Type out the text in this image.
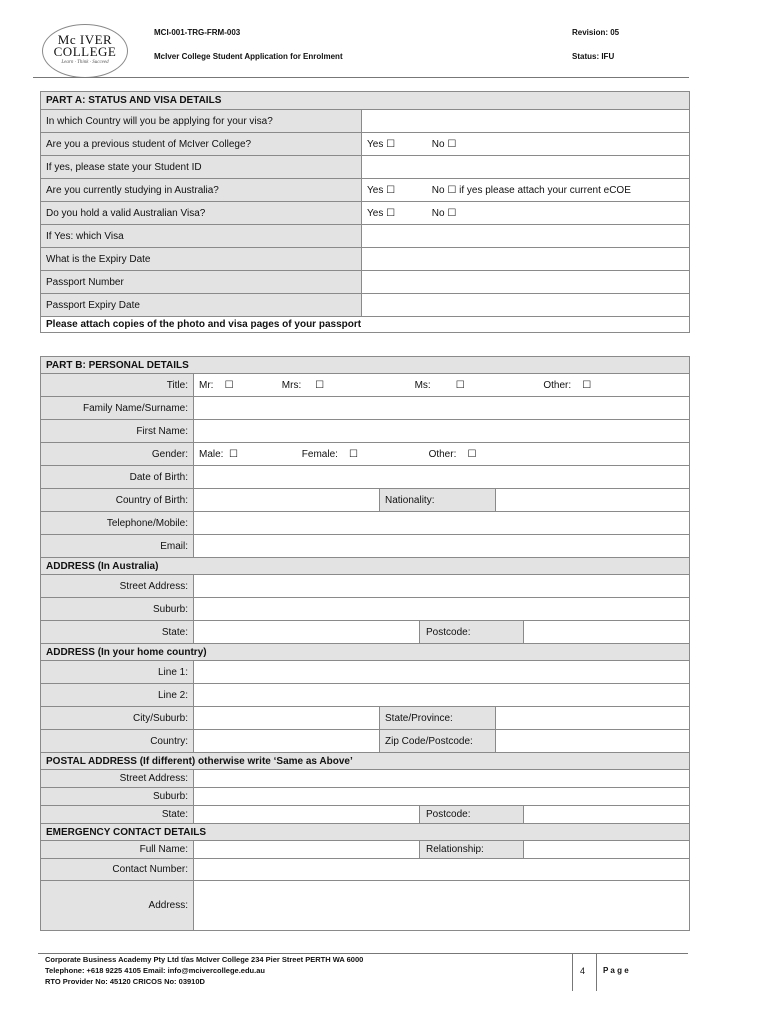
Mc IVER
COLLEGE
Learn · Think · Succeed
MCI-001-TRG-FRM-003
McIver College Student Application for Enrolment
Revision: 05
Status: IFU
PART A: STATUS AND VISA DETAILS	
In which Country will you be applying for your visa?	
Are you a previous student of McIver College?	Yes ☐ No ☐
If yes, please state your Student ID	
Are you currently studying in Australia?	Yes ☐ No ☐ if yes please attach your current eCOE
Do you hold a valid Australian Visa?	Yes ☐ No ☐
If Yes: which Visa	
What is the Expiry Date	
Passport Number	
Passport Expiry Date	
Please attach copies of the photo and visa pages of your passport	
PART B: PERSONAL DETAILS					
Title:	Mr: ☐ Mrs: ☐ Ms: ☐ Other: ☐				
Family Name/Surname:					
First Name:					
Gender:	Male: ☐ Female: ☐ Other: ☐				
Date of Birth:					
Country of Birth:		Nationality:			
Telephone/Mobile:					
Email:					
ADDRESS (In Australia)					
Street Address:					
Suburb:					
State:			Postcode:		
ADDRESS (In your home country)					
Line 1:					
Line 2:					
City/Suburb:		State/Province:			
Country:		Zip Code/Postcode:			
POSTAL ADDRESS (If different) otherwise write ‘Same as Above’					
Street Address:					
Suburb:					
State:			Postcode:		
EMERGENCY CONTACT DETAILS					
Full Name:			Relationship:		
Contact Number:					
Address:					
Corporate Business Academy Pty Ltd t/as McIver College 234 Pier Street PERTH WA 6000
Telephone: +618 9225 4105 Email: info@mcivercollege.edu.au
RTO Provider No: 45120 CRICOS No: 03910D
4 P a g e
